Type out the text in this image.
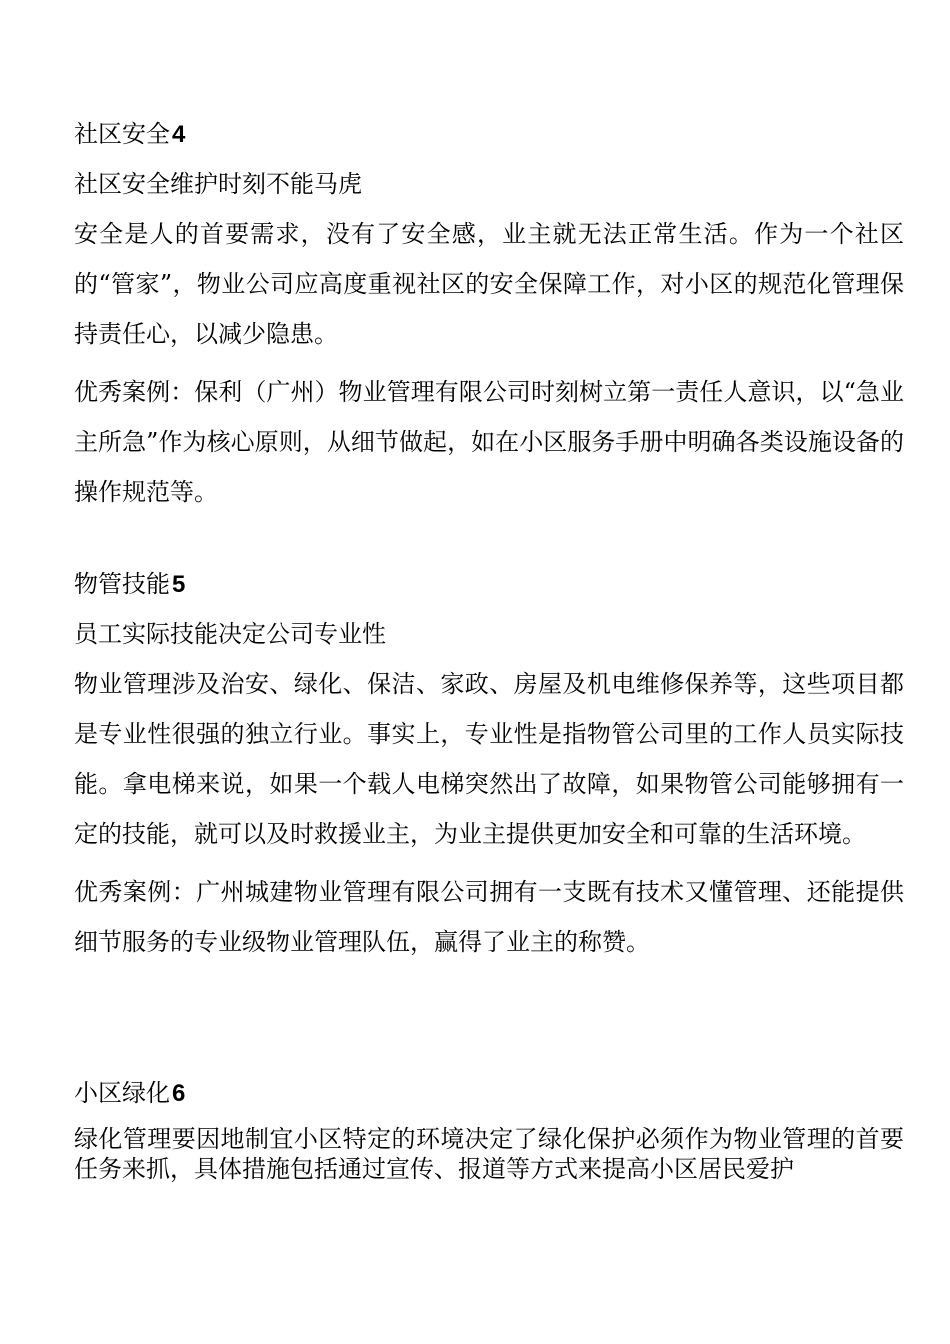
社区安全4
社区安全维护时刻不能马虎
安全是人的首要需求，没有了安全感，业主就无法正常生活。作为一个社区的“管家”，物业公司应高度重视社区的安全保障工作，对小区的规范化管理保持责任心，以减少隐患。
优秀案例：保利（广州）物业管理有限公司时刻树立第一责任人意识，以“急业主所急”作为核心原则，从细节做起，如在小区服务手册中明确各类设施设备的操作规范等。
物管技能5
员工实际技能决定公司专业性
物业管理涉及治安、绿化、保洁、家政、房屋及机电维修保养等，这些项目都是专业性很强的独立行业。事实上，专业性是指物管公司里的工作人员实际技能。拿电梯来说，如果一个载人电梯突然出了故障，如果物管公司能够拥有一定的技能，就可以及时救援业主，为业主提供更加安全和可靠的生活环境。
优秀案例：广州城建物业管理有限公司拥有一支既有技术又懂管理、还能提供细节服务的专业级物业管理队伍，赢得了业主的称赞。
小区绿化6
绿化管理要因地制宜小区特定的环境决定了绿化保护必须作为物业管理的首要任务来抓，具体措施包括通过宣传、报道等方式来提高小区居民爱护
